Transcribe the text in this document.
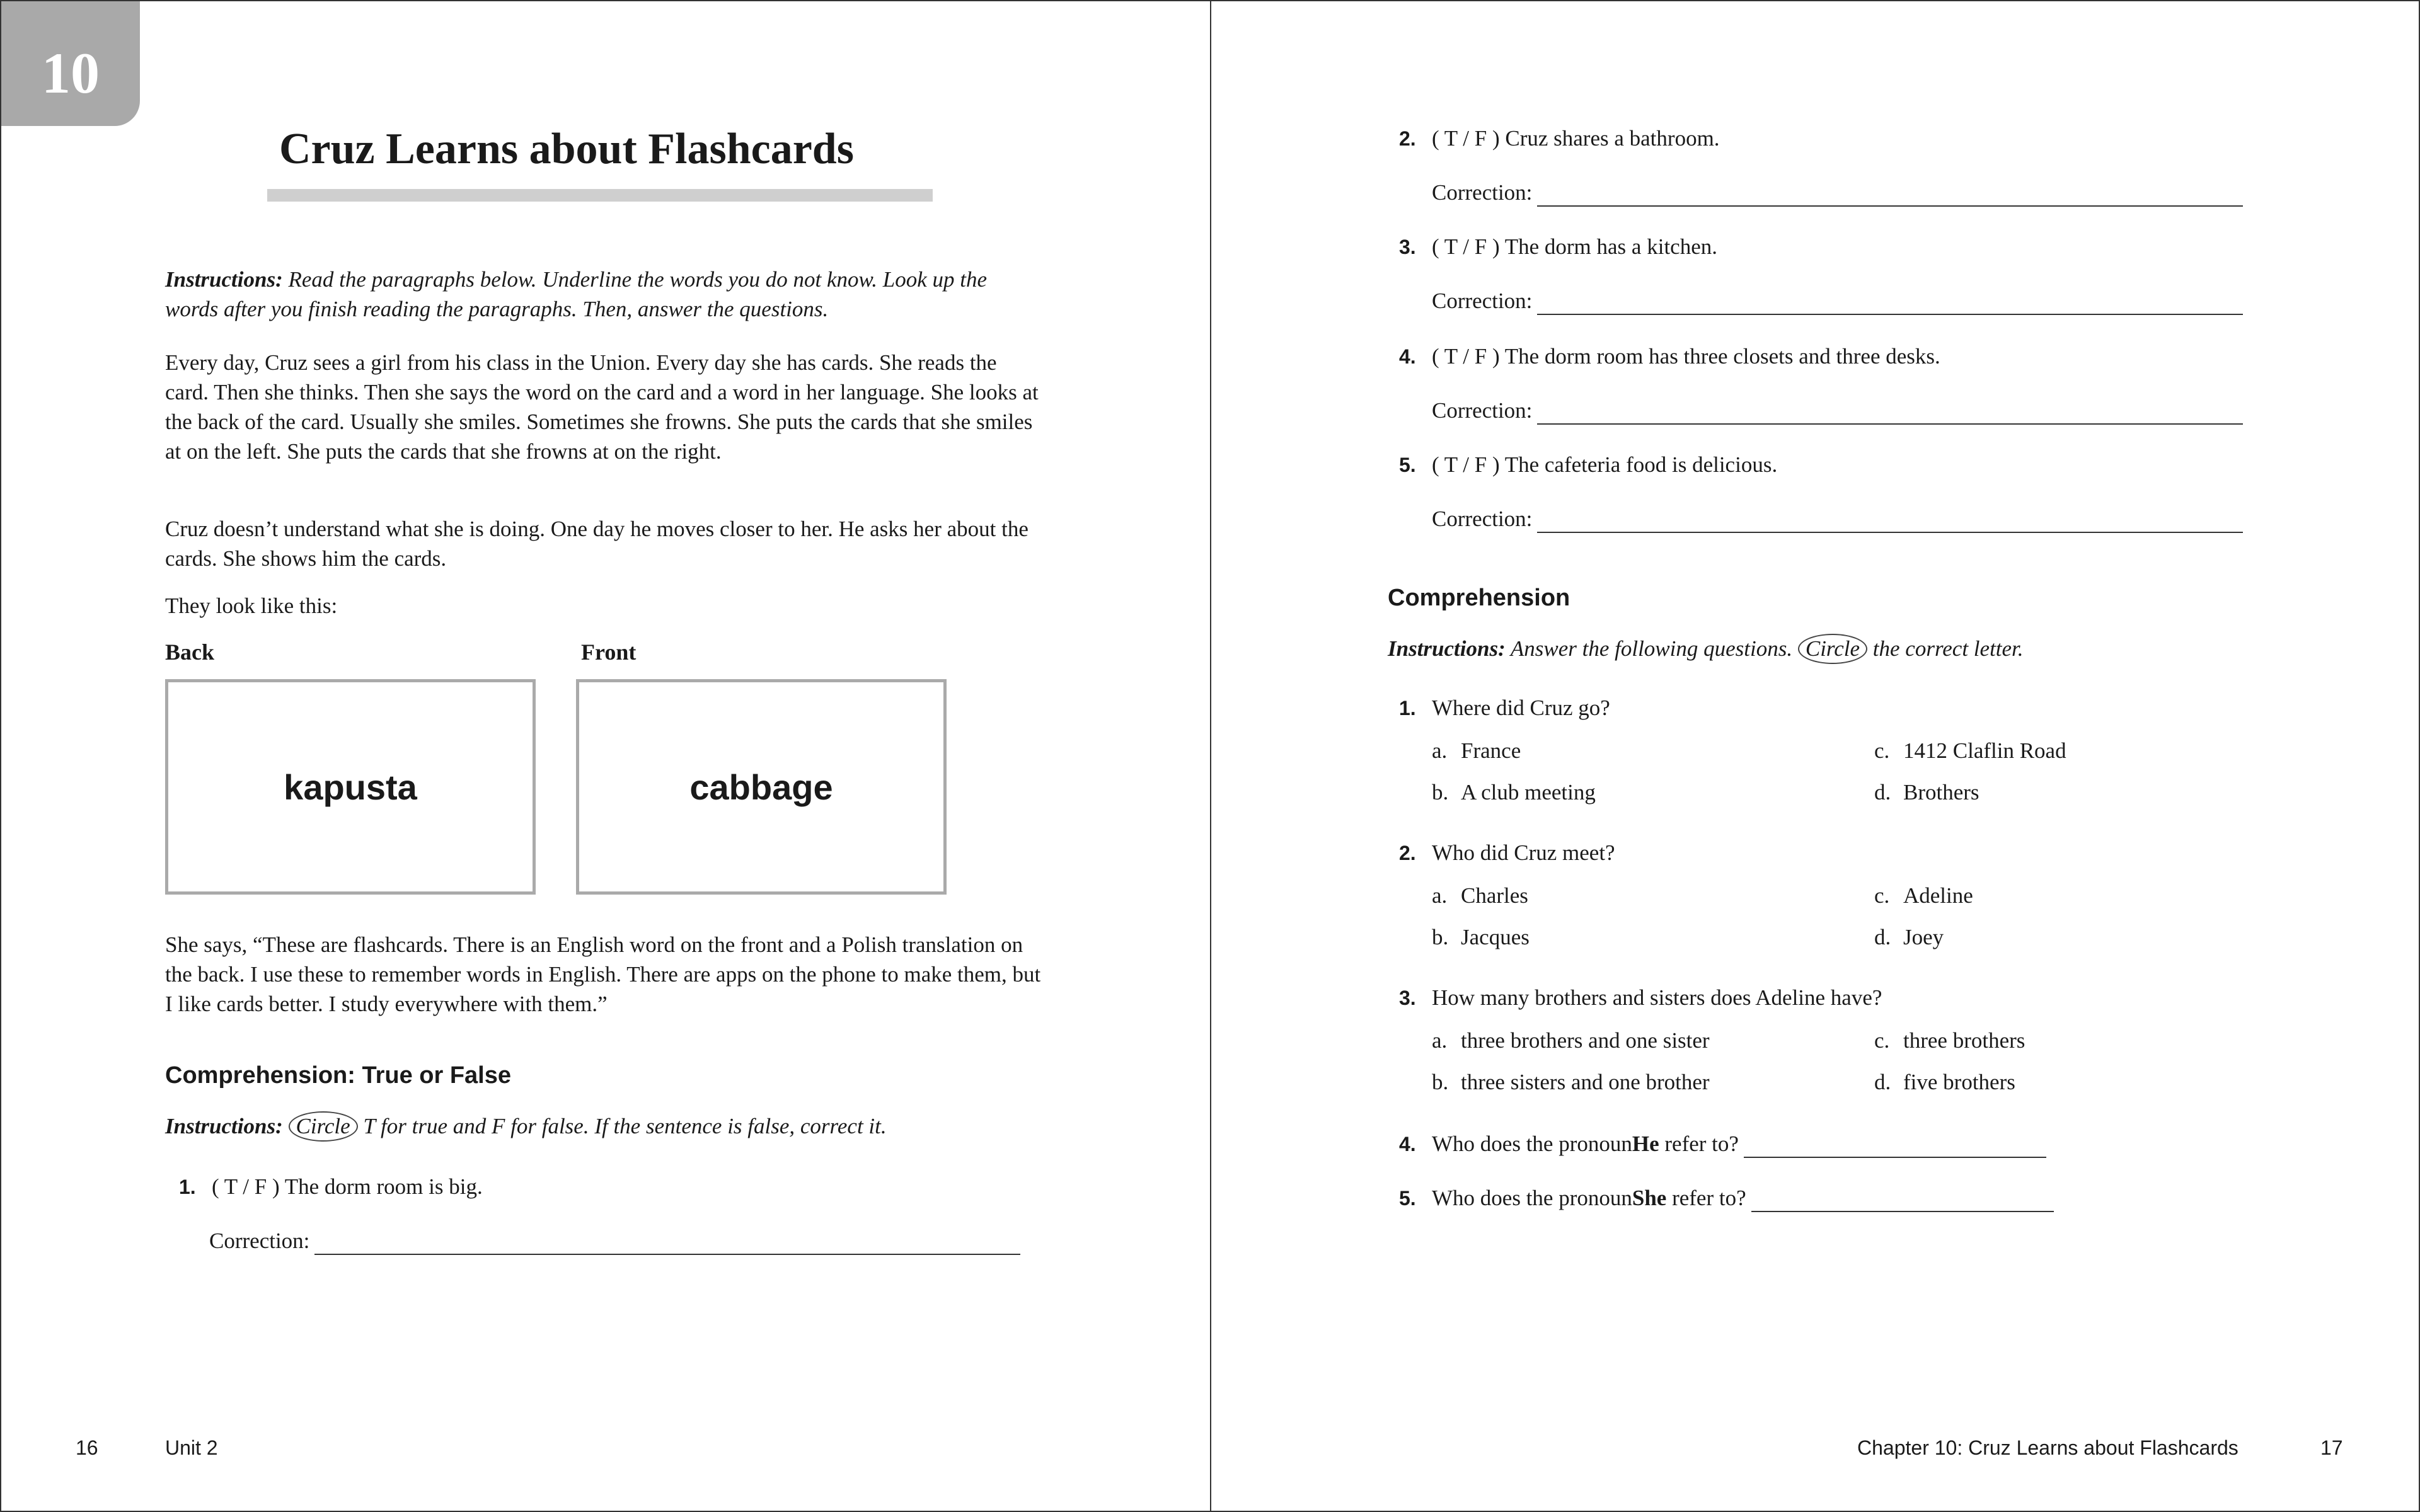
10
Cruz Learns about Flashcards

Instructions: Read the paragraphs below. Underline the words you do not know. Look up the words after you finish reading the paragraphs. Then, answer the questions.

Every day, Cruz sees a girl from his class in the Union. Every day she has cards. She reads the card. Then she thinks. Then she says the word on the card and a word in her language. She looks at the back of the card. Usually she smiles. Sometimes she frowns. She puts the cards that she smiles at on the left. She puts the cards that she frowns at on the right.

Cruz doesn’t understand what she is doing. One day he moves closer to her. He asks her about the cards. She shows him the cards.

They look like this:

Back	Front
kapusta	cabbage

She says, “These are flashcards. There is an English word on the front and a Polish translation on the back. I use these to remember words in English. There are apps on the phone to make them, but I like cards better. I study everywhere with them.”

Comprehension: True or False
Instructions: Circle T for true and F for false. If the sentence is false, correct it.
1. ( T / F ) The dorm room is big.
Correction:
16	Unit 2
2. ( T / F ) Cruz shares a bathroom.
Correction:
3. ( T / F ) The dorm has a kitchen.
Correction:
4. ( T / F ) The dorm room has three closets and three desks.
Correction:
5. ( T / F ) The cafeteria food is delicious.
Correction:
Comprehension
Instructions: Answer the following questions. Circle the correct letter.
1. Where did Cruz go?
a. France
b. A club meeting
c. 1412 Claflin Road
d. Brothers
2. Who did Cruz meet?
a. Charles
b. Jacques
c. Adeline
d. Joey
3. How many brothers and sisters does Adeline have?
a. three brothers and one sister
b. three sisters and one brother
c. three brothers
d. five brothers
4. Who does the pronoun He
refer to?
5. Who does the pronoun She
refer to?
Chapter 10: Cruz Learns about Flashcards	17
